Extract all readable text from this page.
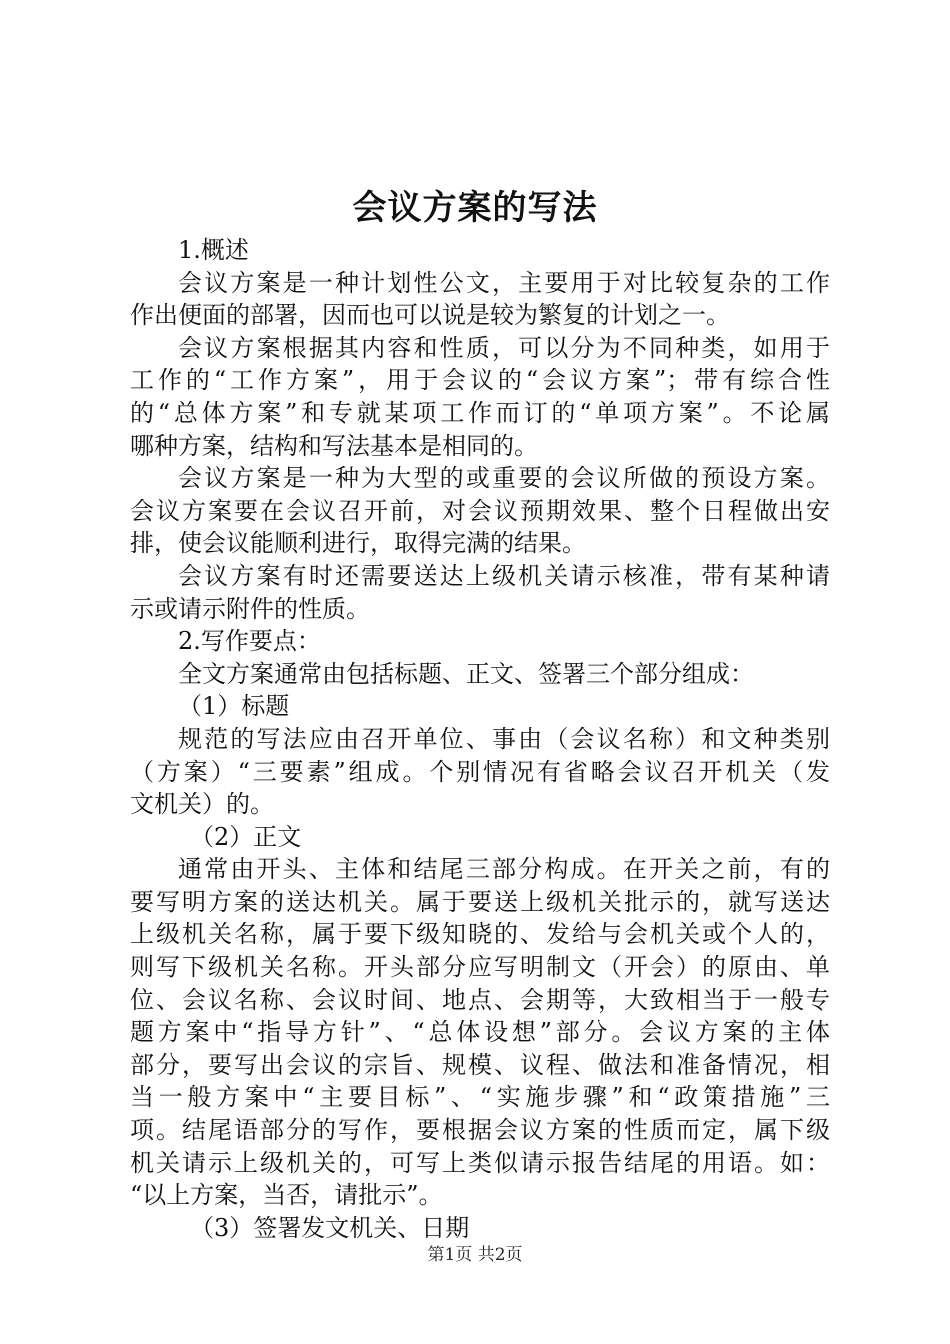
会议方案的写法
1.概述
会议方案是一种计划性公文，主要用于对比较复杂的工作
作出便面的部署，因而也可以说是较为繁复的计划之一。
会议方案根据其内容和性质，可以分为不同种类，如用于
工作的“工作方案”，用于会议的“会议方案”；带有综合性
的“总体方案”和专就某项工作而订的“单项方案”。不论属
哪种方案，结构和写法基本是相同的。
会议方案是一种为大型的或重要的会议所做的预设方案。
会议方案要在会议召开前，对会议预期效果、整个日程做出安
排，使会议能顺利进行，取得完满的结果。
会议方案有时还需要送达上级机关请示核准，带有某种请
示或请示附件的性质。
2.写作要点：
全文方案通常由包括标题、正文、签署三个部分组成：
（1）标题
规范的写法应由召开单位、事由（会议名称）和文种类别
（方案）“三要素”组成。个别情况有省略会议召开机关（发
文机关）的。
（2）正文
通常由开头、主体和结尾三部分构成。在开关之前，有的
要写明方案的送达机关。属于要送上级机关批示的，就写送达
上级机关名称，属于要下级知晓的、发给与会机关或个人的，
则写下级机关名称。开头部分应写明制文（开会）的原由、单
位、会议名称、会议时间、地点、会期等，大致相当于一般专
题方案中“指导方针”、“总体设想”部分。会议方案的主体
部分，要写出会议的宗旨、规模、议程、做法和准备情况，相
当一般方案中“主要目标”、“实施步骤”和“政策措施”三
项。结尾语部分的写作，要根据会议方案的性质而定，属下级
机关请示上级机关的，可写上类似请示报告结尾的用语。如：
“以上方案，当否，请批示”。
（3）签署发文机关、日期
第1页 共2页
